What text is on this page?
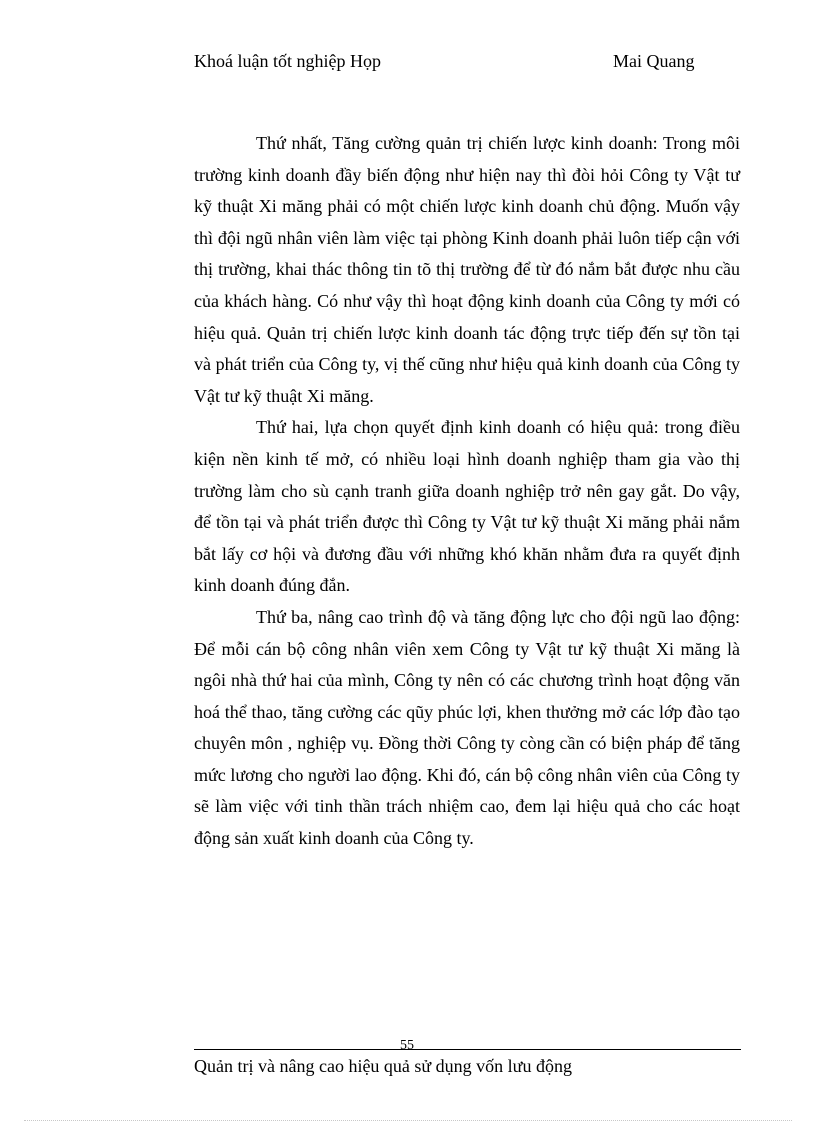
Khoá luận tốt nghiệp Họp	Mai Quang

Thứ nhất, Tăng cường quản trị chiến lược kinh doanh: Trong môi trường kinh doanh đầy biến động như hiện nay thì đòi hỏi Công ty Vật tư kỹ thuật Xi măng phải có một chiến lược kinh doanh chủ động. Muốn vậy thì đội ngũ nhân viên làm việc tại phòng Kinh doanh phải luôn tiếp cận với thị trường, khai thác thông tin tõ thị trường để từ đó nắm bắt được nhu cầu của khách hàng. Có như vậy thì hoạt động kinh doanh của Công ty mới có hiệu quả. Quản trị chiến lược kinh doanh tác động trực tiếp đến sự tồn tại và phát triển của Công ty, vị thế cũng như hiệu quả kinh doanh của Công ty Vật tư kỹ thuật Xi măng.

Thứ hai, lựa chọn quyết định kinh doanh có hiệu quả: trong điều kiện nền kinh tế mở, có nhiều loại hình doanh nghiệp tham gia vào thị trường làm cho sù cạnh tranh giữa doanh nghiệp trở nên gay gắt. Do vậy, để tồn tại và phát triển được thì Công ty Vật tư kỹ thuật Xi măng phải nắm bắt lấy cơ hội và đương đầu với những khó khăn nhằm đưa ra quyết định kinh doanh đúng đắn.

Thứ ba, nâng cao trình độ và tăng động lực cho đội ngũ lao động: Để mỗi cán bộ công nhân viên xem Công ty Vật tư kỹ thuật Xi măng là ngôi nhà thứ hai của mình, Công ty nên có các chương trình hoạt động văn hoá thể thao, tăng cường các qũy phúc lợi, khen thưởng mở các lớp đào tạo chuyên môn , nghiệp vụ. Đồng thời Công ty còng cần có biện pháp để tăng mức lương cho người lao động. Khi đó, cán bộ công nhân viên của Công ty sẽ làm việc với tinh thần trách nhiệm cao, đem lại hiệu quả cho các hoạt động sản xuất kinh doanh của Công ty.

55
Quản trị và nâng cao hiệu quả sử dụng vốn lưu động
